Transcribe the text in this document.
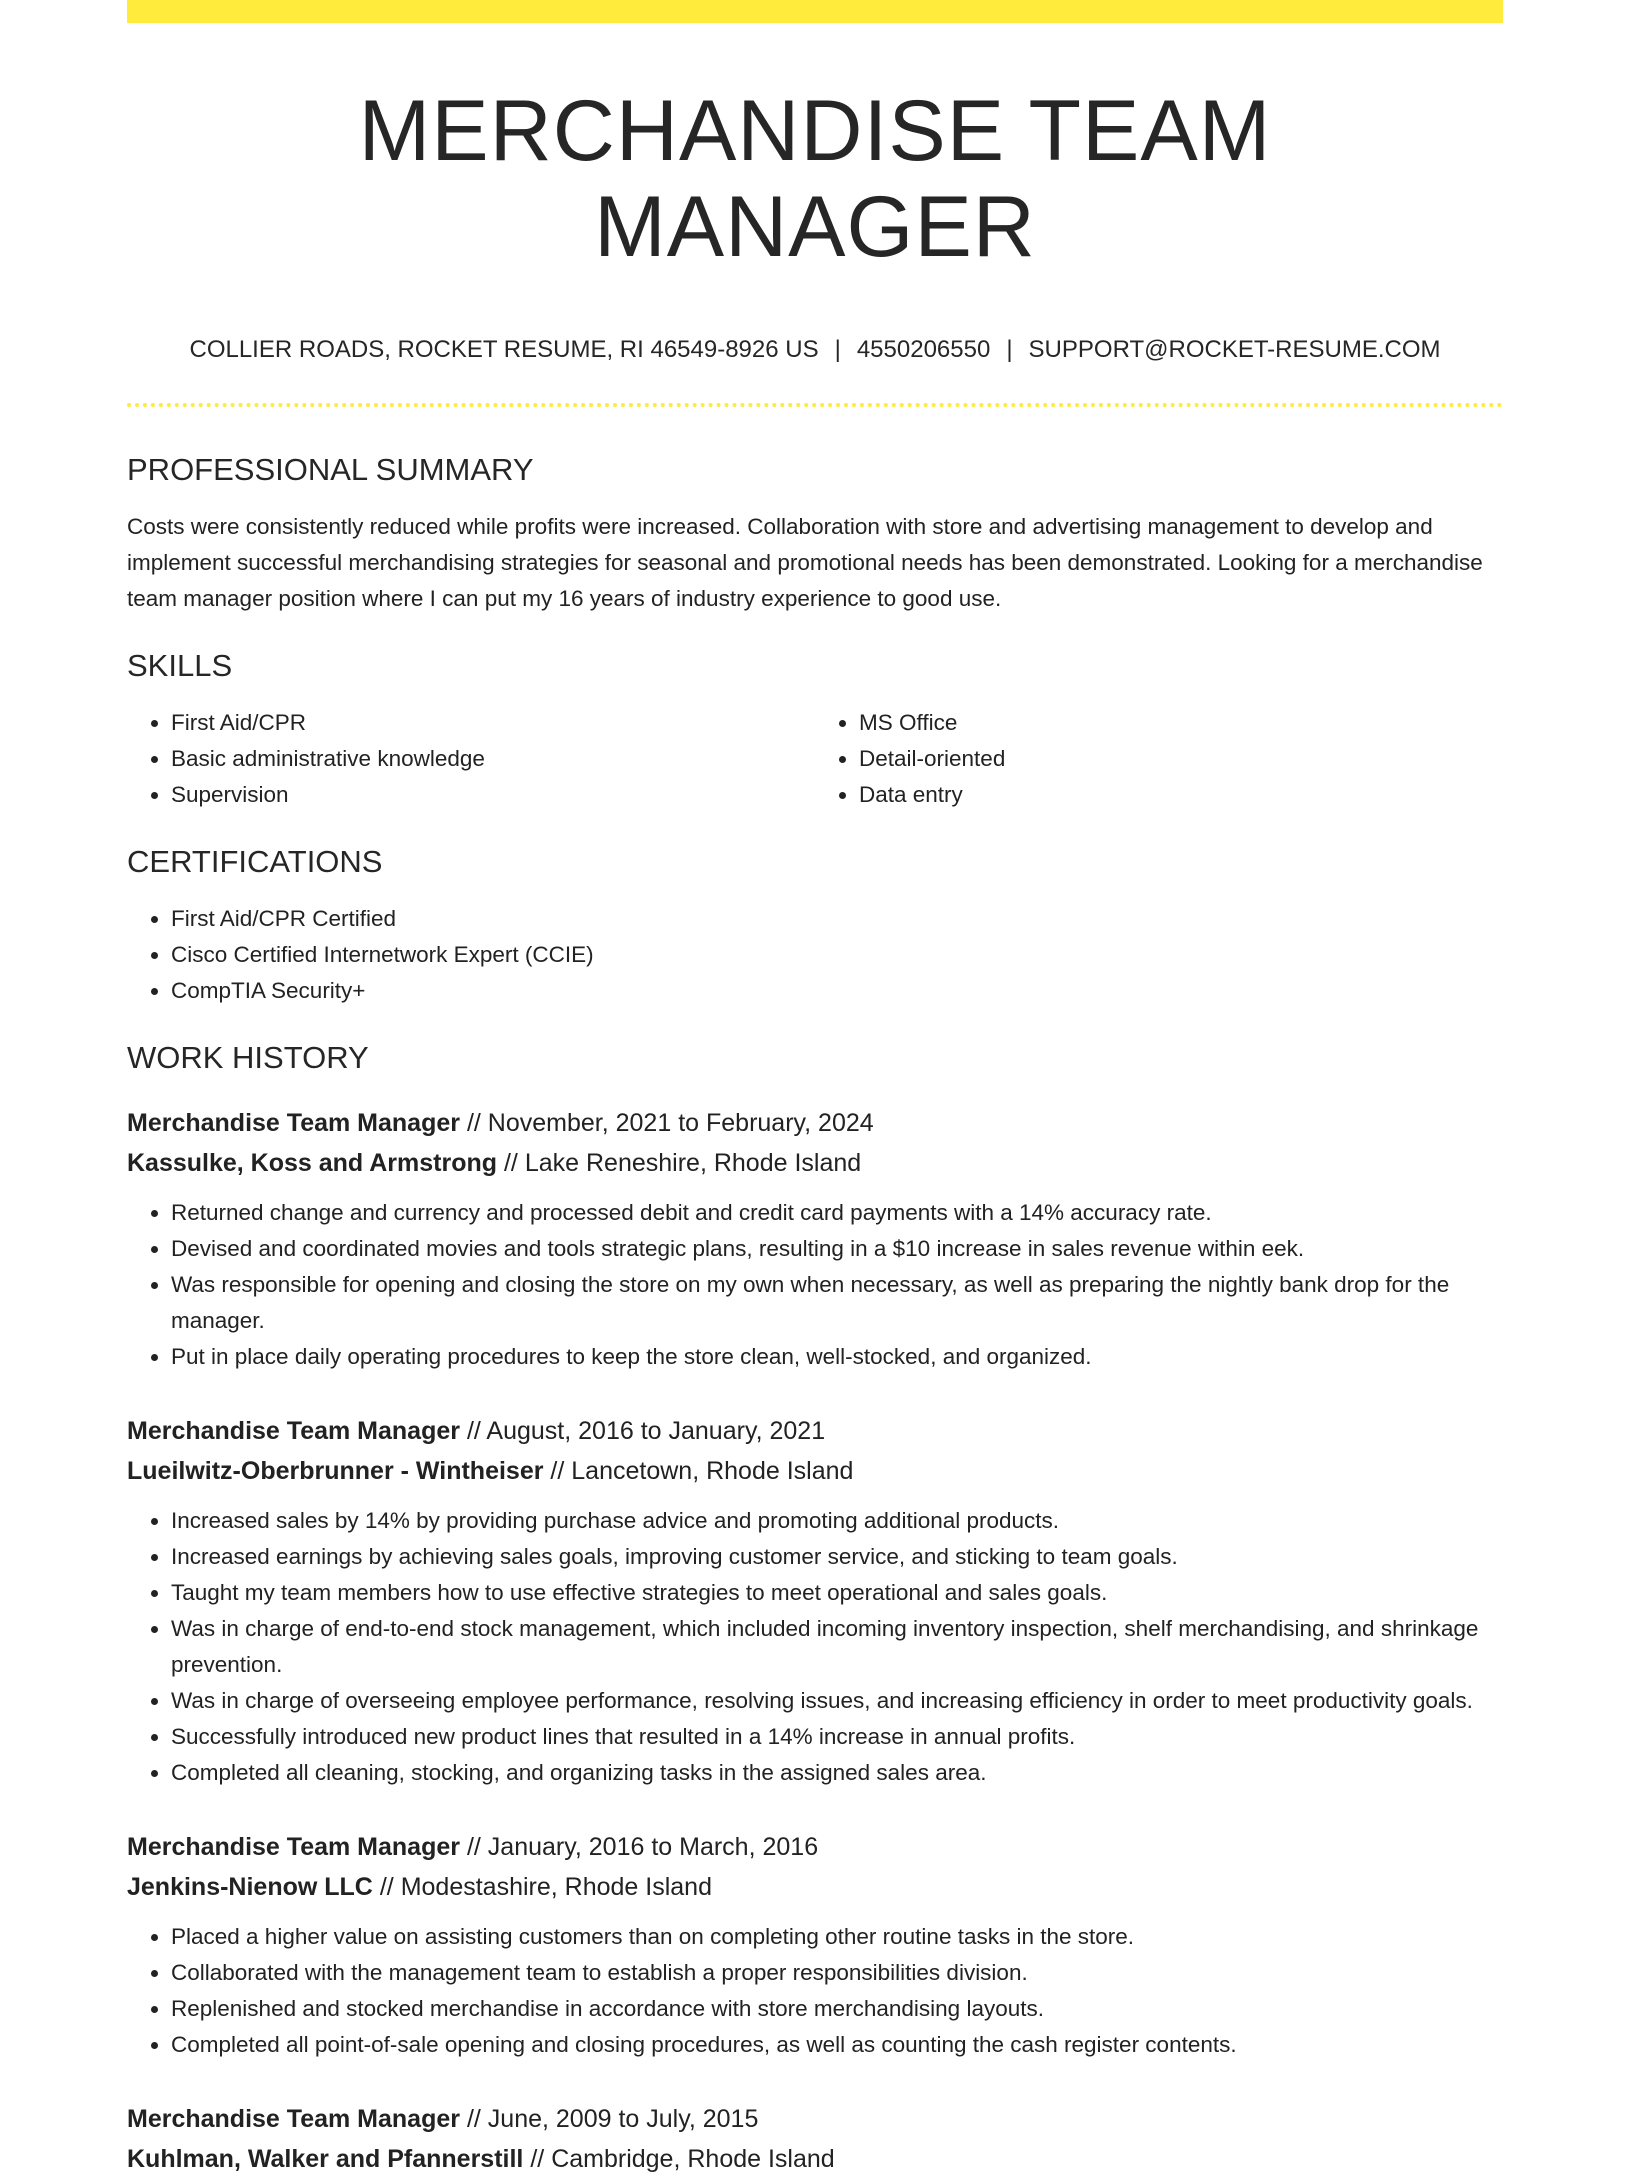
MERCHANDISE TEAM MANAGER
COLLIER ROADS, ROCKET RESUME, RI 46549-8926 US | 4550206550 | SUPPORT@ROCKET-RESUME.COM
PROFESSIONAL SUMMARY
Costs were consistently reduced while profits were increased. Collaboration with store and advertising management to develop and implement successful merchandising strategies for seasonal and promotional needs has been demonstrated. Looking for a merchandise team manager position where I can put my 16 years of industry experience to good use.
SKILLS
• First Aid/CPR
• Basic administrative knowledge
• Supervision
• MS Office
• Detail-oriented
• Data entry
CERTIFICATIONS
• First Aid/CPR Certified
• Cisco Certified Internetwork Expert (CCIE)
• CompTIA Security+
WORK HISTORY
Merchandise Team Manager // November, 2021 to February, 2024
Kassulke, Koss and Armstrong // Lake Reneshire, Rhode Island
• Returned change and currency and processed debit and credit card payments with a 14% accuracy rate.
• Devised and coordinated movies and tools strategic plans, resulting in a $10 increase in sales revenue within eek.
• Was responsible for opening and closing the store on my own when necessary, as well as preparing the nightly bank drop for the manager.
• Put in place daily operating procedures to keep the store clean, well-stocked, and organized.
Merchandise Team Manager // August, 2016 to January, 2021
Lueilwitz-Oberbrunner - Wintheiser // Lancetown, Rhode Island
• Increased sales by 14% by providing purchase advice and promoting additional products.
• Increased earnings by achieving sales goals, improving customer service, and sticking to team goals.
• Taught my team members how to use effective strategies to meet operational and sales goals.
• Was in charge of end-to-end stock management, which included incoming inventory inspection, shelf merchandising, and shrinkage prevention.
• Was in charge of overseeing employee performance, resolving issues, and increasing efficiency in order to meet productivity goals.
• Successfully introduced new product lines that resulted in a 14% increase in annual profits.
• Completed all cleaning, stocking, and organizing tasks in the assigned sales area.
Merchandise Team Manager // January, 2016 to March, 2016
Jenkins-Nienow LLC // Modestashire, Rhode Island
• Placed a higher value on assisting customers than on completing other routine tasks in the store.
• Collaborated with the management team to establish a proper responsibilities division.
• Replenished and stocked merchandise in accordance with store merchandising layouts.
• Completed all point-of-sale opening and closing procedures, as well as counting the cash register contents.
Merchandise Team Manager // June, 2009 to July, 2015
Kuhlman, Walker and Pfannerstill // Cambridge, Rhode Island
